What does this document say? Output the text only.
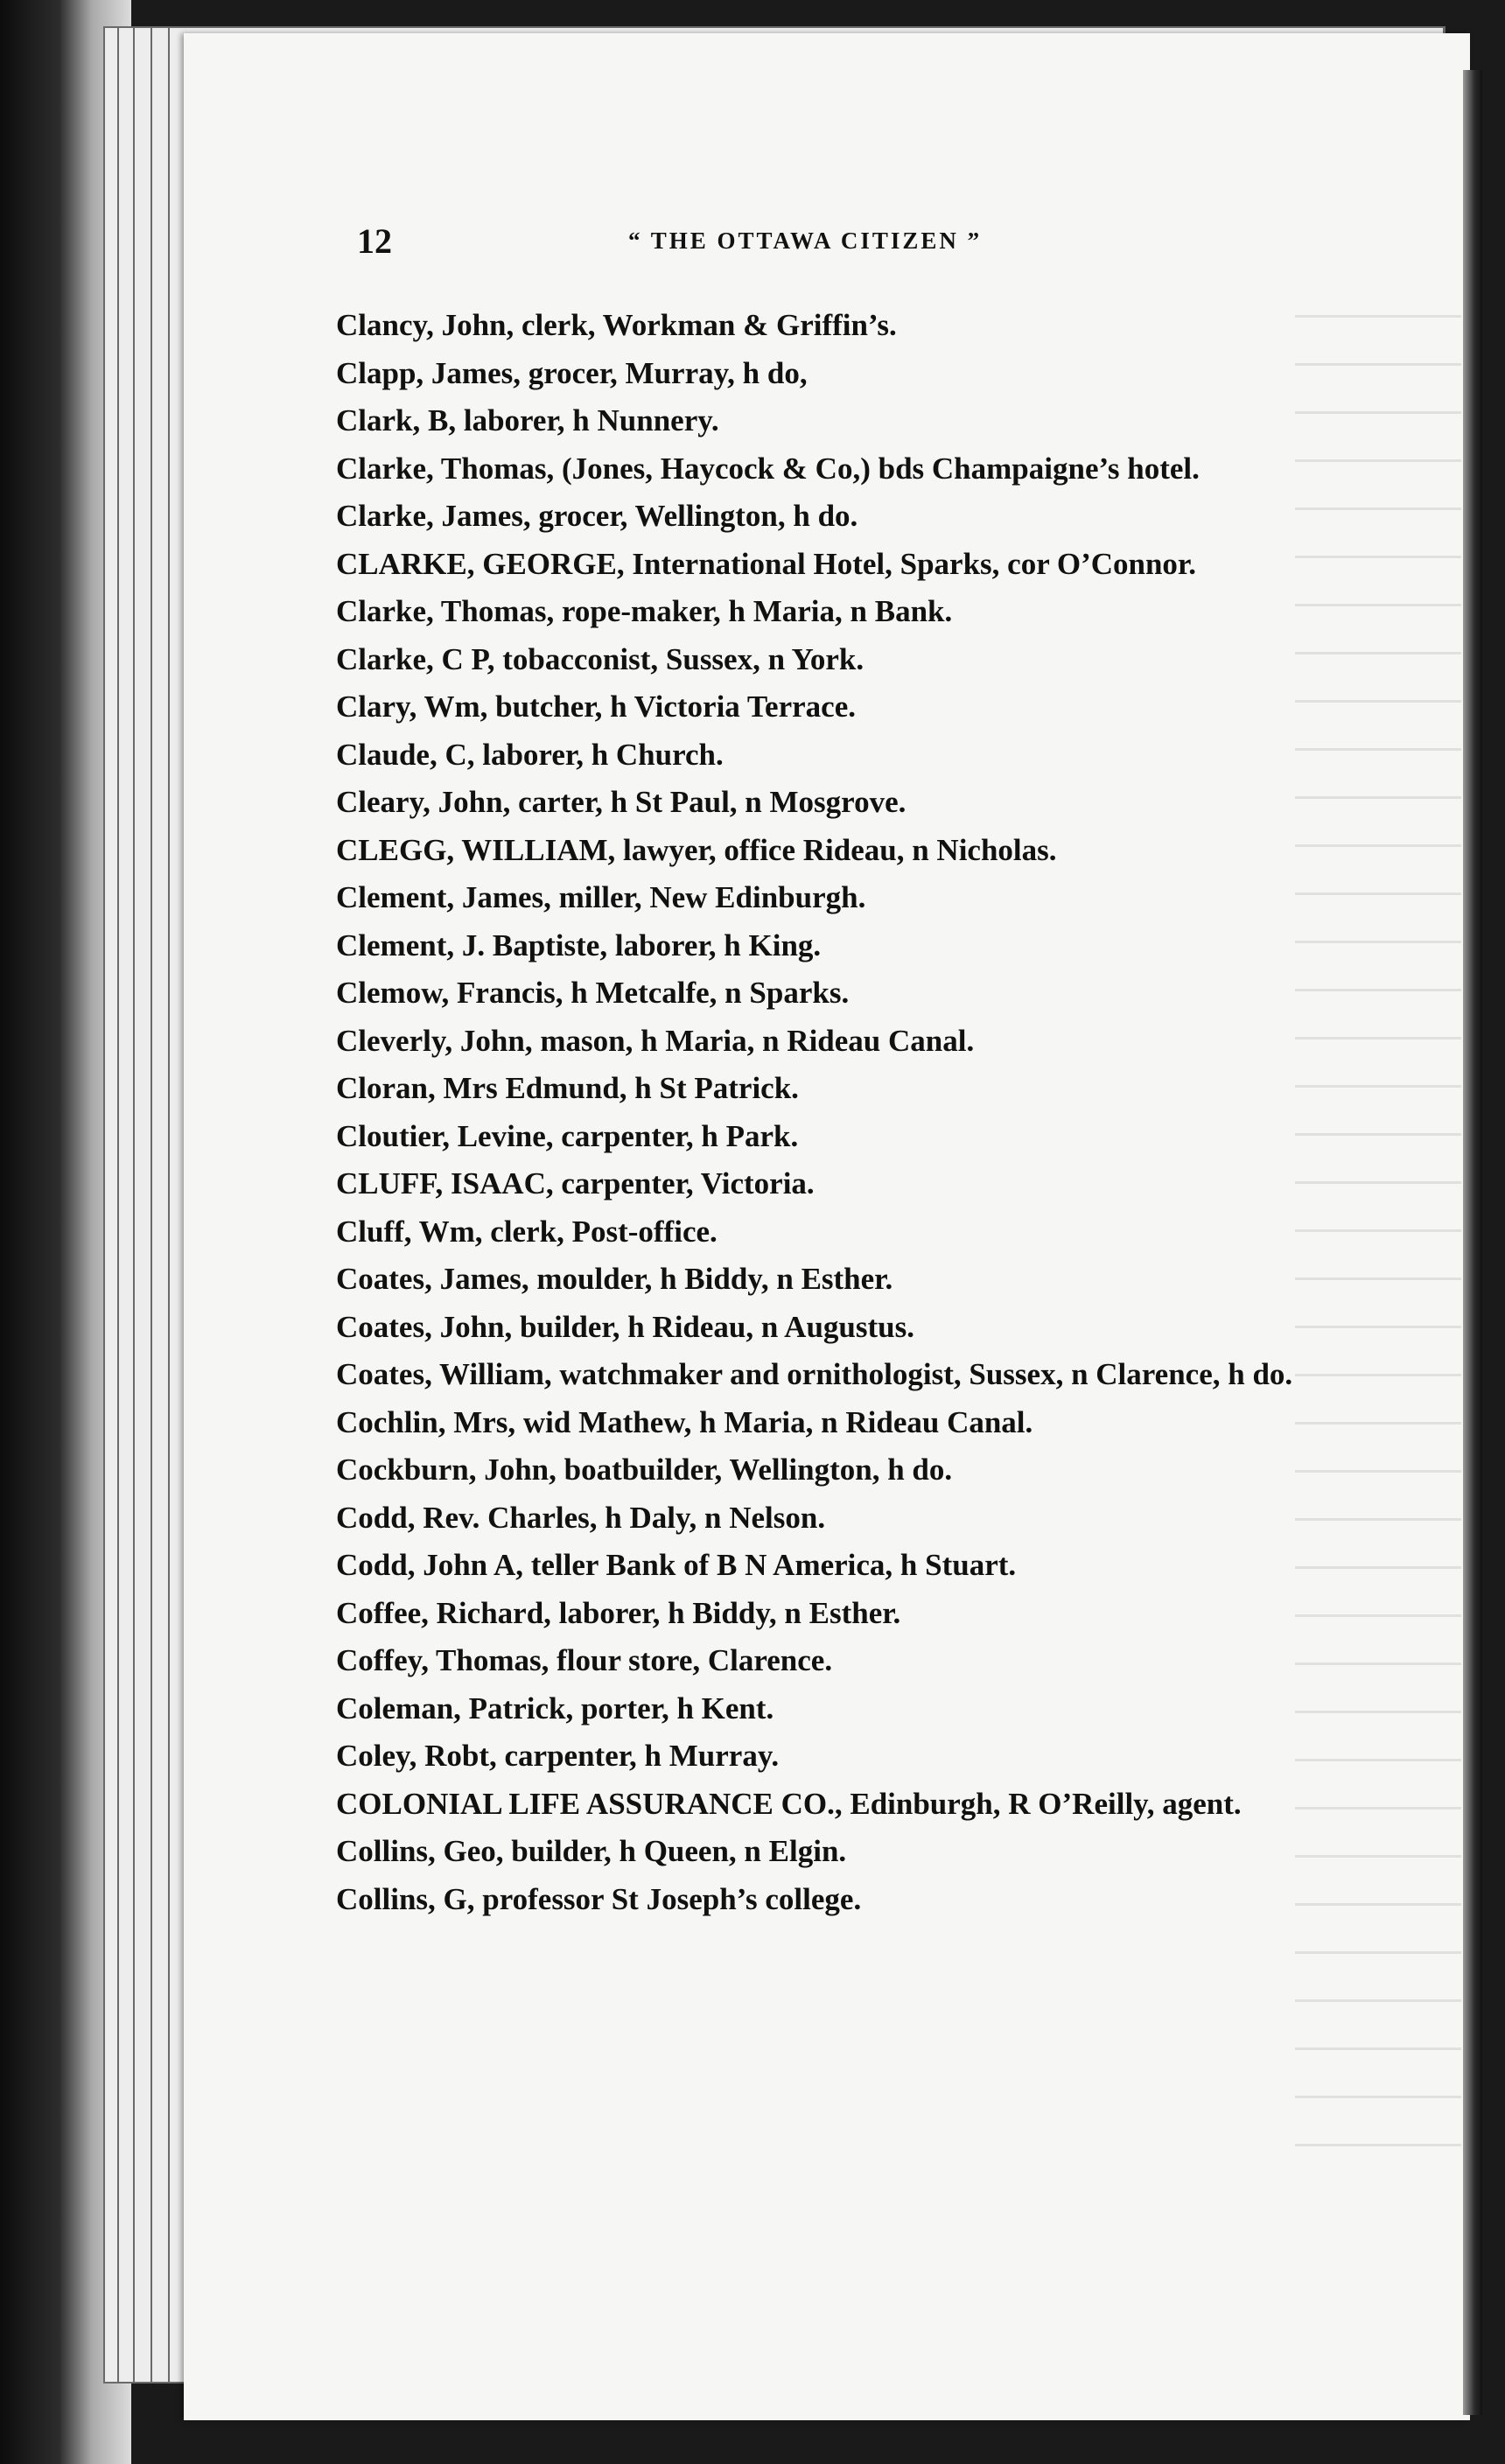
12	“ THE OTTAWA CITIZEN ”

Clancy, John, clerk, Workman & Griffin’s.

Clapp, James, grocer, Murray, h do,

Clark, B, laborer, h Nunnery.

Clarke, Thomas, (Jones, Haycock & Co,) bds Champaigne’s hotel.

Clarke, James, grocer, Wellington, h do.

CLARKE, GEORGE, International Hotel, Sparks, cor O’Connor.

Clarke, Thomas, rope-maker, h Maria, n Bank.

Clarke, C P, tobacconist, Sussex, n York.

Clary, Wm, butcher, h Victoria Terrace.

Claude, C, laborer, h Church.

Cleary, John, carter, h St Paul, n Mosgrove.

CLEGG, WILLIAM, lawyer, office Rideau, n Nicholas.

Clement, James, miller, New Edinburgh.

Clement, J. Baptiste, laborer, h King.

Clemow, Francis, h Metcalfe, n Sparks.

Cleverly, John, mason, h Maria, n Rideau Canal.

Cloran, Mrs Edmund, h St Patrick.

Cloutier, Levine, carpenter, h Park.

CLUFF, ISAAC, carpenter, Victoria.

Cluff, Wm, clerk, Post-office.

Coates, James, moulder, h Biddy, n Esther.

Coates, John, builder, h Rideau, n Augustus.

Coates, William, watchmaker and ornithologist, Sussex, n Clarence, h do.

Cochlin, Mrs, wid Mathew, h Maria, n Rideau Canal.

Cockburn, John, boatbuilder, Wellington, h do.

Codd, Rev. Charles, h Daly, n Nelson.

Codd, John A, teller Bank of B N America, h Stuart.

Coffee, Richard, laborer, h Biddy, n Esther.

Coffey, Thomas, flour store, Clarence.

Coleman, Patrick, porter, h Kent.

Coley, Robt, carpenter, h Murray.

COLONIAL LIFE ASSURANCE CO., Edinburgh, R O’Reilly, agent.

Collins, Geo, builder, h Queen, n Elgin.

Collins, G, professor St Joseph’s college.
